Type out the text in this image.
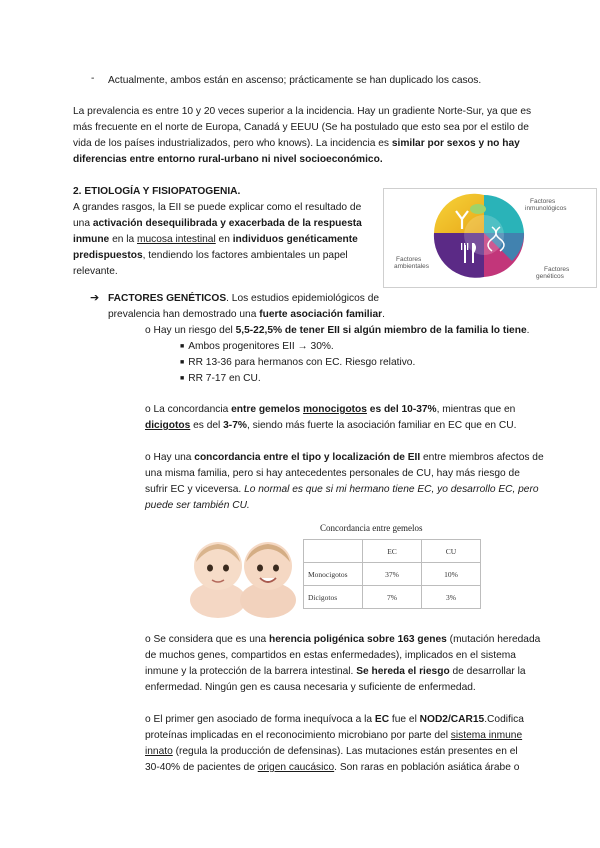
- Actualmente, ambos están en ascenso; prácticamente se han duplicado los casos.

La prevalencia es entre 10 y 20 veces superior a la incidencia. Hay un gradiente Norte-Sur, ya que es

más frecuente en el norte de Europa, Canadá y EEUU (Se ha postulado que esto sea por el estilo de

vida de los países industrializados, pero who knows). La incidencia es similar por sexos y no hay

diferencias entre entorno rural-urbano ni nivel socioeconómico.

2. ETIOLOGÍA Y FISIOPATOGENIA.

A grandes rasgos, la EII se puede explicar como el resultado de

una activación desequilibrada y exacerbada de la respuesta

inmune en la mucosa intestinal en individuos genéticamente

predispuestos, tendiendo los factores ambientales un papel

relevante.

Factores inmunológicos
Factores ambientales	Factores genéticos
➔ FACTORES GENÉTICOS. Los estudios epidemiológicos de

prevalencia han demostrado una fuerte asociación familiar.

o Hay un riesgo del 5,5-22,5% de tener EII si algún miembro de la familia lo tiene.

■ Ambos progenitores EII → 30%.

■ RR 13-36 para hermanos con EC. Riesgo relativo.

■ RR 7-17 en CU.

o La concordancia entre gemelos monocigotos es del 10-37%, mientras que en

dicigotos es del 3-7%, siendo más fuerte la asociación familiar en EC que en CU.

o Hay una concordancia entre el tipo y localización de EII entre miembros afectos de

una misma familia, pero si hay antecedentes personales de CU, hay más riesgo de

sufrir EC y viceversa. Lo normal es que si mi hermano tiene EC, yo desarrollo EC, pero

puede ser también CU.

Concordancia entre gemelos
	EC	CU
Monocigotos	37%	10%
Dicigotos	7%	3%

o Se considera que es una herencia poligénica sobre 163 genes (mutación heredada

de muchos genes, compartidos en estas enfermedades), implicados en el sistema

inmune y la protección de la barrera intestinal. Se hereda el riesgo de desarrollar la

enfermedad. Ningún gen es causa necesaria y suficiente de enfermedad.

o El primer gen asociado de forma inequívoca a la EC fue el NOD2/CAR15.Codifica

proteínas implicadas en el reconocimiento microbiano por parte del sistema inmune

innato (regula la producción de defensinas). Las mutaciones están presentes en el

30-40% de pacientes de origen caucásico. Son raras en población asiática árabe o
